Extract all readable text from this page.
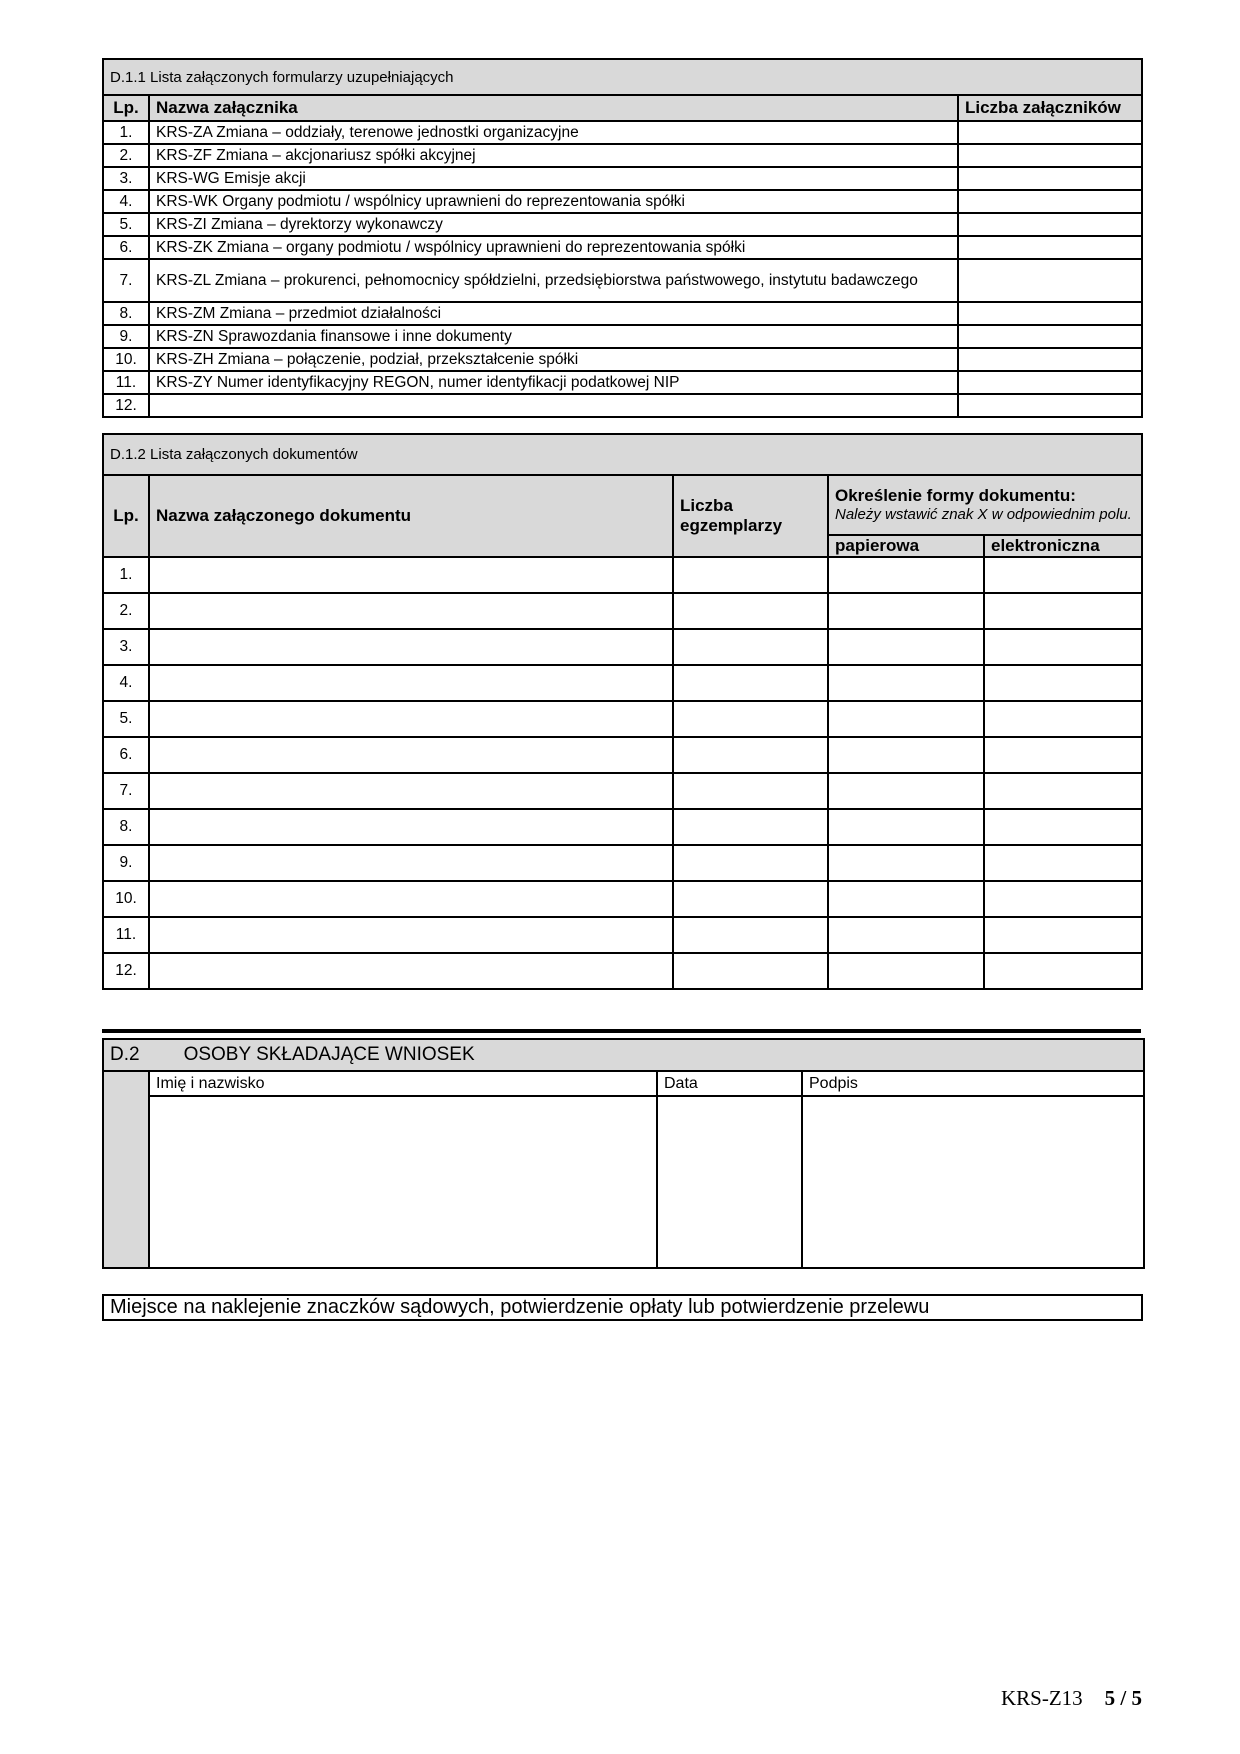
D.1.1 Lista załączonych formularzy uzupełniających		
Lp.	Nazwa załącznika	Liczba załączników
1.	KRS-ZA Zmiana – oddziały, terenowe jednostki organizacyjne	
2.	KRS-ZF Zmiana – akcjonariusz spółki akcyjnej	
3.	KRS-WG Emisje akcji	
4.	KRS-WK Organy podmiotu / wspólnicy uprawnieni do reprezentowania spółki	
5.	KRS-ZI Zmiana – dyrektorzy wykonawczy	
6.	KRS-ZK Zmiana – organy podmiotu / wspólnicy uprawnieni do reprezentowania spółki	
7.	KRS-ZL Zmiana – prokurenci, pełnomocnicy spółdzielni, przedsiębiorstwa państwowego, instytutu badawczego	
8.	KRS-ZM Zmiana – przedmiot działalności	
9.	KRS-ZN Sprawozdania finansowe i inne dokumenty	
10.	KRS-ZH Zmiana – połączenie, podział, przekształcenie spółki	
11.	KRS-ZY Numer identyfikacyjny REGON, numer identyfikacji podatkowej NIP	
12.		
D.1.2 Lista załączonych dokumentów				
Lp.	Nazwa załączonego dokumentu	Liczba egzemplarzy	Określenie formy dokumentu:
Należy wstawić znak X w odpowiednim polu.	

			papierowa	elektroniczna
1.				
2.				
3.				
4.				
5.				
6.				
7.				
8.				
9.				
10.				
11.				
12.				
D.2 OSOBY SKŁADAJĄCE WNIOSEK			
	Imię i nazwisko	Data	Podpis

Miejsce na naklejenie znaczków sądowych, potwierdzenie opłaty lub potwierdzenie przelewu
KRS-Z13 5 / 5
